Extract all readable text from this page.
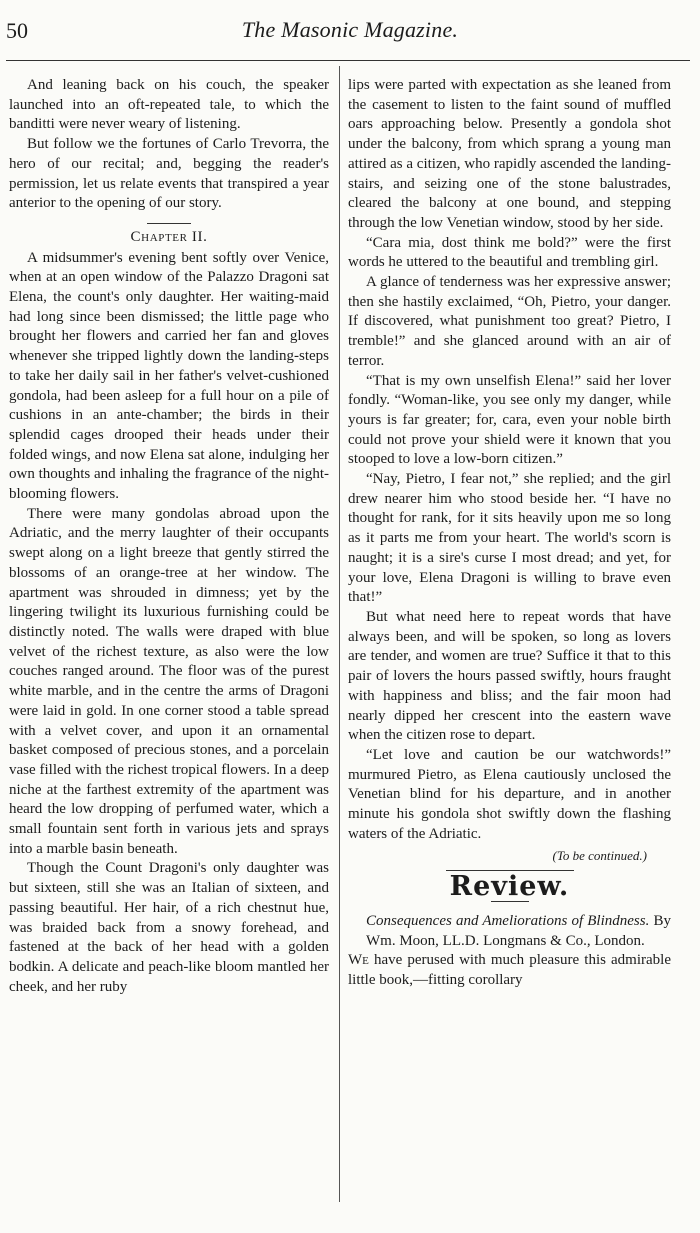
50	The Masonic Magazine.

And leaning back on his couch, the speaker launched into an oft-repeated tale, to which the banditti were never weary of listening.

But follow we the fortunes of Carlo Trevorra, the hero of our recital; and, begging the reader's permission, let us relate events that transpired a year anterior to the opening of our story.

Chapter II.

A midsummer's evening bent softly over Venice, when at an open window of the Palazzo Dragoni sat Elena, the count's only daughter. Her waiting-maid had long since been dismissed; the little page who brought her flowers and carried her fan and gloves whenever she tripped lightly down the landing-steps to take her daily sail in her father's velvet-cushioned gondola, had been asleep for a full hour on a pile of cushions in an ante-chamber; the birds in their splendid cages drooped their heads under their folded wings, and now Elena sat alone, indulging her own thoughts and inhaling the fragrance of the night-blooming flowers.

There were many gondolas abroad upon the Adriatic, and the merry laughter of their occupants swept along on a light breeze that gently stirred the blossoms of an orange-tree at her window. The apartment was shrouded in dimness; yet by the lingering twilight its luxurious furnishing could be distinctly noted. The walls were draped with blue velvet of the richest texture, as also were the low couches ranged around. The floor was of the purest white marble, and in the centre the arms of Dragoni were laid in gold. In one corner stood a table spread with a velvet cover, and upon it an ornamental basket composed of precious stones, and a porcelain vase filled with the richest tropical flowers. In a deep niche at the farthest extremity of the apartment was heard the low dropping of perfumed water, which a small fountain sent forth in various jets and sprays into a marble basin beneath.

Though the Count Dragoni's only daughter was but sixteen, still she was an Italian of sixteen, and passing beautiful. Her hair, of a rich chestnut hue, was braided back from a snowy forehead, and fastened at the back of her head with a golden bodkin. A delicate and peach-like bloom mantled her cheek, and her ruby

lips were parted with expectation as she leaned from the casement to listen to the faint sound of muffled oars approaching below. Presently a gondola shot under the balcony, from which sprang a young man attired as a citizen, who rapidly ascended the landing-stairs, and seizing one of the stone balustrades, cleared the balcony at one bound, and stepping through the low Venetian window, stood by her side.

“Cara mia, dost think me bold?” were the first words he uttered to the beautiful and trembling girl.

A glance of tenderness was her expressive answer; then she hastily exclaimed, “Oh, Pietro, your danger. If discovered, what punishment too great? Pietro, I tremble!” and she glanced around with an air of terror.

“That is my own unselfish Elena!” said her lover fondly. “Woman-like, you see only my danger, while yours is far greater; for, cara, even your noble birth could not prove your shield were it known that you stooped to love a low-born citizen.”

“Nay, Pietro, I fear not,” she replied; and the girl drew nearer him who stood beside her. “I have no thought for rank, for it sits heavily upon me so long as it parts me from your heart. The world's scorn is naught; it is a sire's curse I most dread; and yet, for your love, Elena Dragoni is willing to brave even that!”

But what need here to repeat words that have always been, and will be spoken, so long as lovers are tender, and women are true? Suffice it that to this pair of lovers the hours passed swiftly, hours fraught with happiness and bliss; and the fair moon had nearly dipped her crescent into the eastern wave when the citizen rose to depart.

“Let love and caution be our watchwords!” murmured Pietro, as Elena cautiously unclosed the Venetian blind for his departure, and in another minute his gondola shot swiftly down the flashing waters of the Adriatic.

(To be continued.)
Review.

Consequences and Ameliorations of Blindness. By Wm. Moon, LL.D. Longmans & Co., London.

We have perused with much pleasure this admirable little book,—fitting corollary
